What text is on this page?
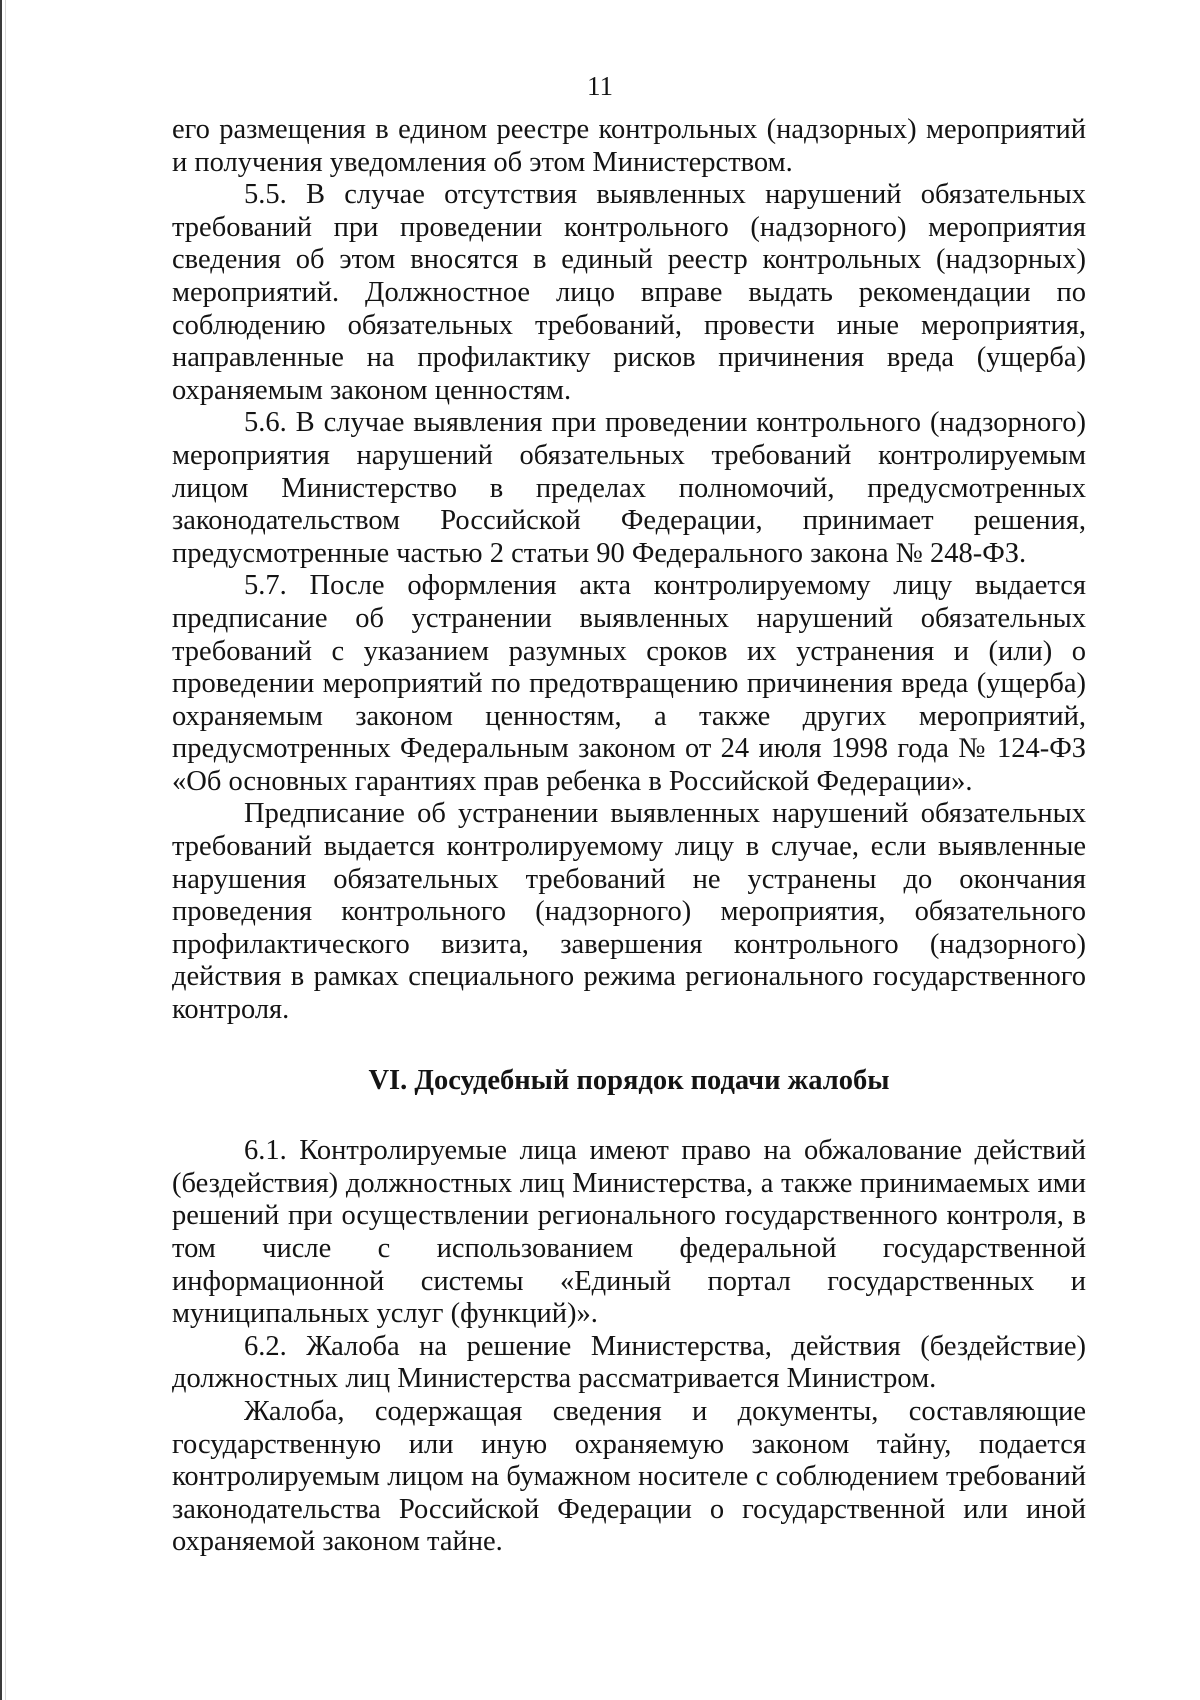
11

его размещения в едином реестре контрольных (надзорных) мероприятий и получения уведомления об этом Министерством.

5.5. В случае отсутствия выявленных нарушений обязательных требований при проведении контрольного (надзорного) мероприятия сведения об этом вносятся в единый реестр контрольных (надзорных) мероприятий. Должностное лицо вправе выдать рекомендации по соблюдению обязательных требований, провести иные мероприятия, направленные на профилактику рисков причинения вреда (ущерба) охраняемым законом ценностям.

5.6. В случае выявления при проведении контрольного (надзорного) мероприятия нарушений обязательных требований контролируемым лицом Министерство в пределах полномочий, предусмотренных законодательством Российской Федерации, принимает решения, предусмотренные частью 2 статьи 90 Федерального закона № 248-ФЗ.

5.7. После оформления акта контролируемому лицу выдается предписание об устранении выявленных нарушений обязательных требований с указанием разумных сроков их устранения и (или) о проведении мероприятий по предотвращению причинения вреда (ущерба) охраняемым законом ценностям, а также других мероприятий, предусмотренных Федеральным законом от 24 июля 1998 года № 124-ФЗ «Об основных гарантиях прав ребенка в Российской Федерации».

Предписание об устранении выявленных нарушений обязательных требований выдается контролируемому лицу в случае, если выявленные нарушения обязательных требований не устранены до окончания проведения контрольного (надзорного) мероприятия, обязательного профилактического визита, завершения контрольного (надзорного) действия в рамках специального режима регионального государственного контроля.

VI. Досудебный порядок подачи жалобы

6.1. Контролируемые лица имеют право на обжалование действий (бездействия) должностных лиц Министерства, а также принимаемых ими решений при осуществлении регионального государственного контроля, в том числе с использованием федеральной государственной информационной системы «Единый портал государственных и муниципальных услуг (функций)».

6.2. Жалоба на решение Министерства, действия (бездействие) должностных лиц Министерства рассматривается Министром.

Жалоба, содержащая сведения и документы, составляющие государственную или иную охраняемую законом тайну, подается контролируемым лицом на бумажном носителе с соблюдением требований законодательства Российской Федерации о государственной или иной охраняемой законом тайне.
